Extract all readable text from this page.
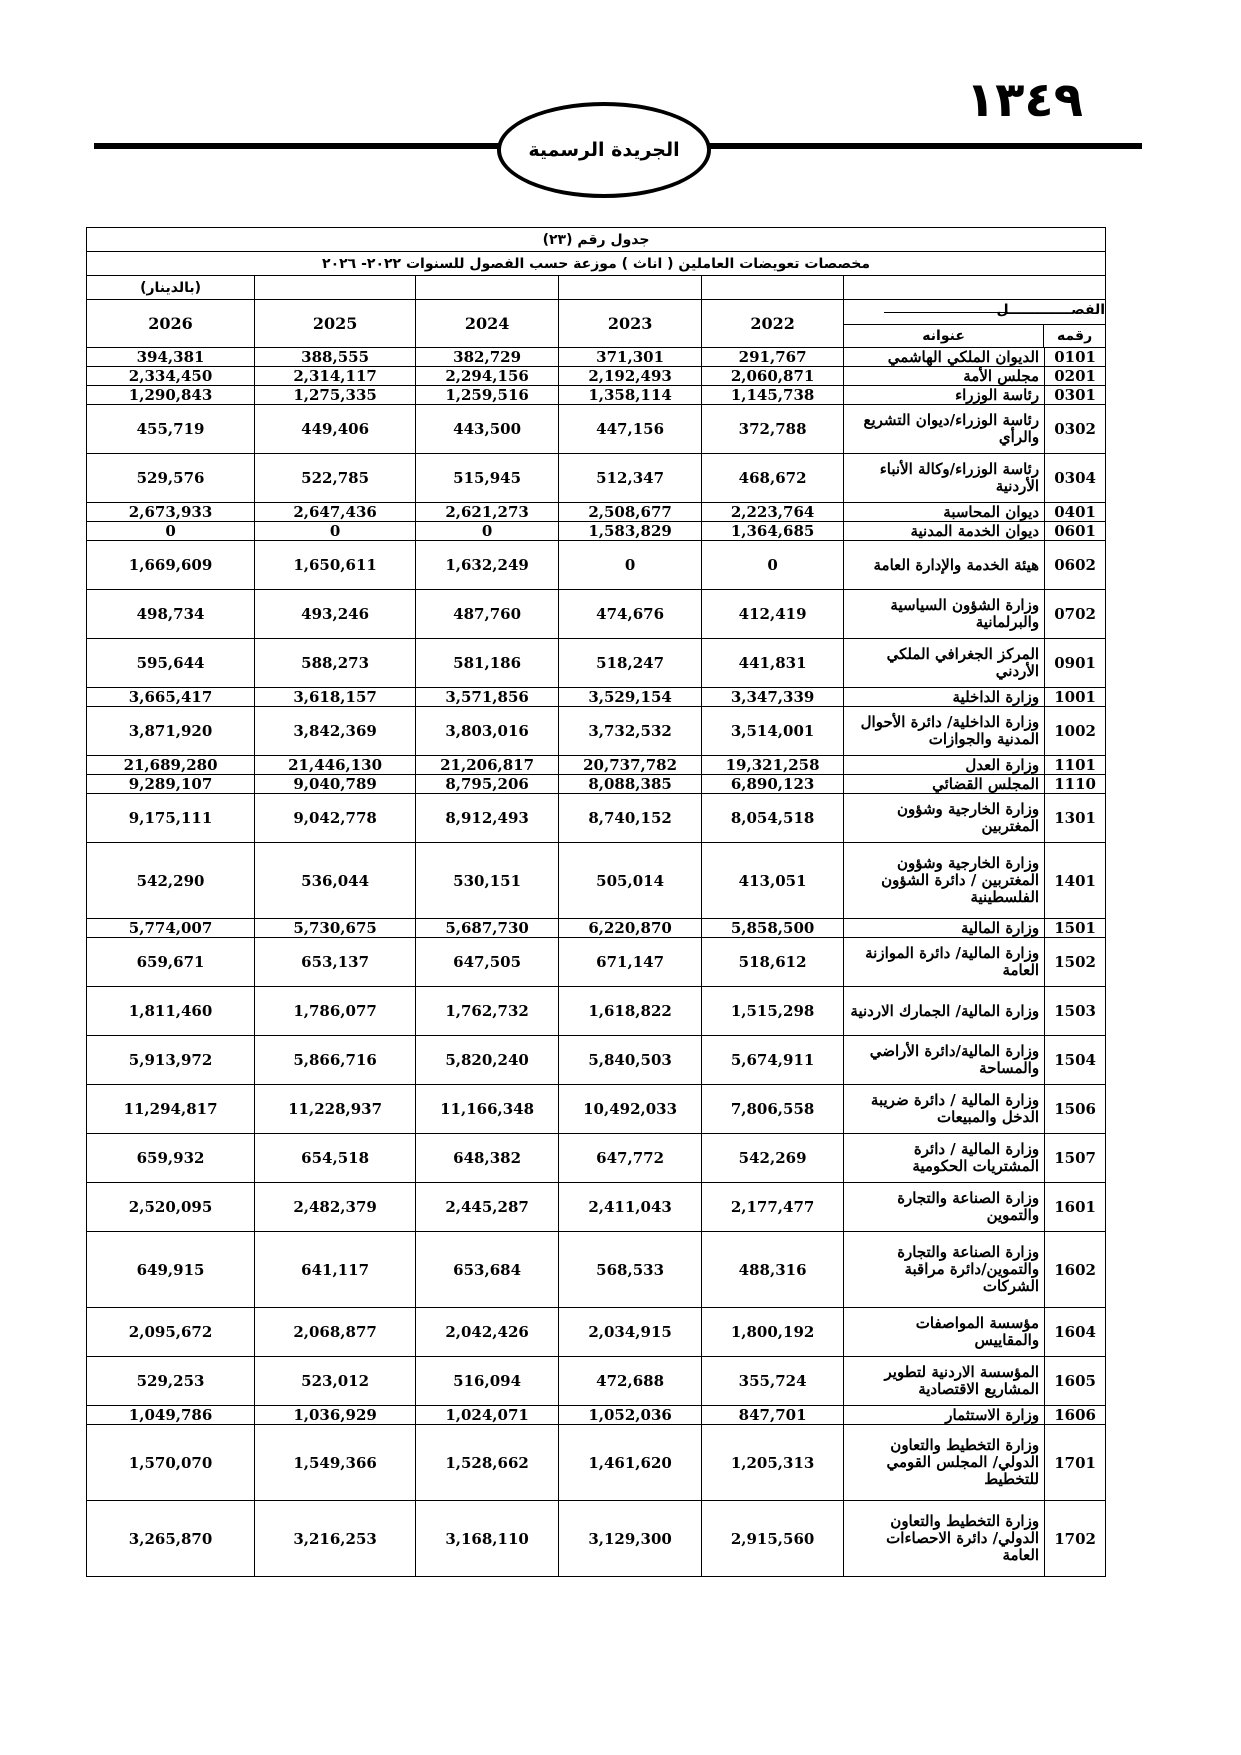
١٣٤٩
الجريدة الرسمية
جدول رقم (٢٣)						
مخصصات تعويضات العاملين ( اناث ) موزعة حسب الفصول للسنوات ٢٠٢٢- ٢٠٢٦						
						(بالدينار)

الفصـــــــــــــل
رقمه
عنوانه		2022	2023	2024	2025	2026
0101	الديوان الملكي الهاشمي	291,767	371,301	382,729	388,555	394,381
0201	مجلس الأمة	2,060,871	2,192,493	2,294,156	2,314,117	2,334,450
0301	رئاسة الوزراء	1,145,738	1,358,114	1,259,516	1,275,335	1,290,843
0302	رئاسة الوزراء/ديوان التشريع والرأي	372,788	447,156	443,500	449,406	455,719
0304	رئاسة الوزراء/وكالة الأنباء الأردنية	468,672	512,347	515,945	522,785	529,576
0401	ديوان المحاسبة	2,223,764	2,508,677	2,621,273	2,647,436	2,673,933
0601	ديوان الخدمة المدنية	1,364,685	1,583,829	0	0	0
0602	هيئة الخدمة والإدارة العامة	0	0	1,632,249	1,650,611	1,669,609
0702	وزارة الشؤون السياسية والبرلمانية	412,419	474,676	487,760	493,246	498,734
0901	المركز الجغرافي الملكي الأردني	441,831	518,247	581,186	588,273	595,644
1001	وزارة الداخلية	3,347,339	3,529,154	3,571,856	3,618,157	3,665,417
1002	وزارة الداخلية/ دائرة الأحوال المدنية والجوازات	3,514,001	3,732,532	3,803,016	3,842,369	3,871,920
1101	وزارة العدل	19,321,258	20,737,782	21,206,817	21,446,130	21,689,280
1110	المجلس القضائي	6,890,123	8,088,385	8,795,206	9,040,789	9,289,107
1301	وزارة الخارجية وشؤون المغتربين	8,054,518	8,740,152	8,912,493	9,042,778	9,175,111
1401	وزارة الخارجية وشؤون المغتربين / دائرة الشؤون الفلسطينية	413,051	505,014	530,151	536,044	542,290
1501	وزارة المالية	5,858,500	6,220,870	5,687,730	5,730,675	5,774,007
1502	وزارة المالية/ دائرة الموازنة العامة	518,612	671,147	647,505	653,137	659,671
1503	وزارة المالية/ الجمارك الاردنية	1,515,298	1,618,822	1,762,732	1,786,077	1,811,460
1504	وزارة المالية/دائرة الأراضي والمساحة	5,674,911	5,840,503	5,820,240	5,866,716	5,913,972
1506	وزارة المالية / دائرة ضريبة الدخل والمبيعات	7,806,558	10,492,033	11,166,348	11,228,937	11,294,817
1507	وزارة المالية / دائرة المشتريات الحكومية	542,269	647,772	648,382	654,518	659,932
1601	وزارة الصناعة والتجارة والتموين	2,177,477	2,411,043	2,445,287	2,482,379	2,520,095
1602	وزارة الصناعة والتجارة والتموين/دائرة مراقبة الشركات	488,316	568,533	653,684	641,117	649,915
1604	مؤسسة المواصفات والمقاييس	1,800,192	2,034,915	2,042,426	2,068,877	2,095,672
1605	المؤسسة الاردنية لتطوير المشاريع الاقتصادية	355,724	472,688	516,094	523,012	529,253
1606	وزارة الاستثمار	847,701	1,052,036	1,024,071	1,036,929	1,049,786
1701	وزارة التخطيط والتعاون الدولي/ المجلس القومي للتخطيط	1,205,313	1,461,620	1,528,662	1,549,366	1,570,070
1702	وزارة التخطيط والتعاون الدولي/ دائرة الاحصاءات العامة	2,915,560	3,129,300	3,168,110	3,216,253	3,265,870
